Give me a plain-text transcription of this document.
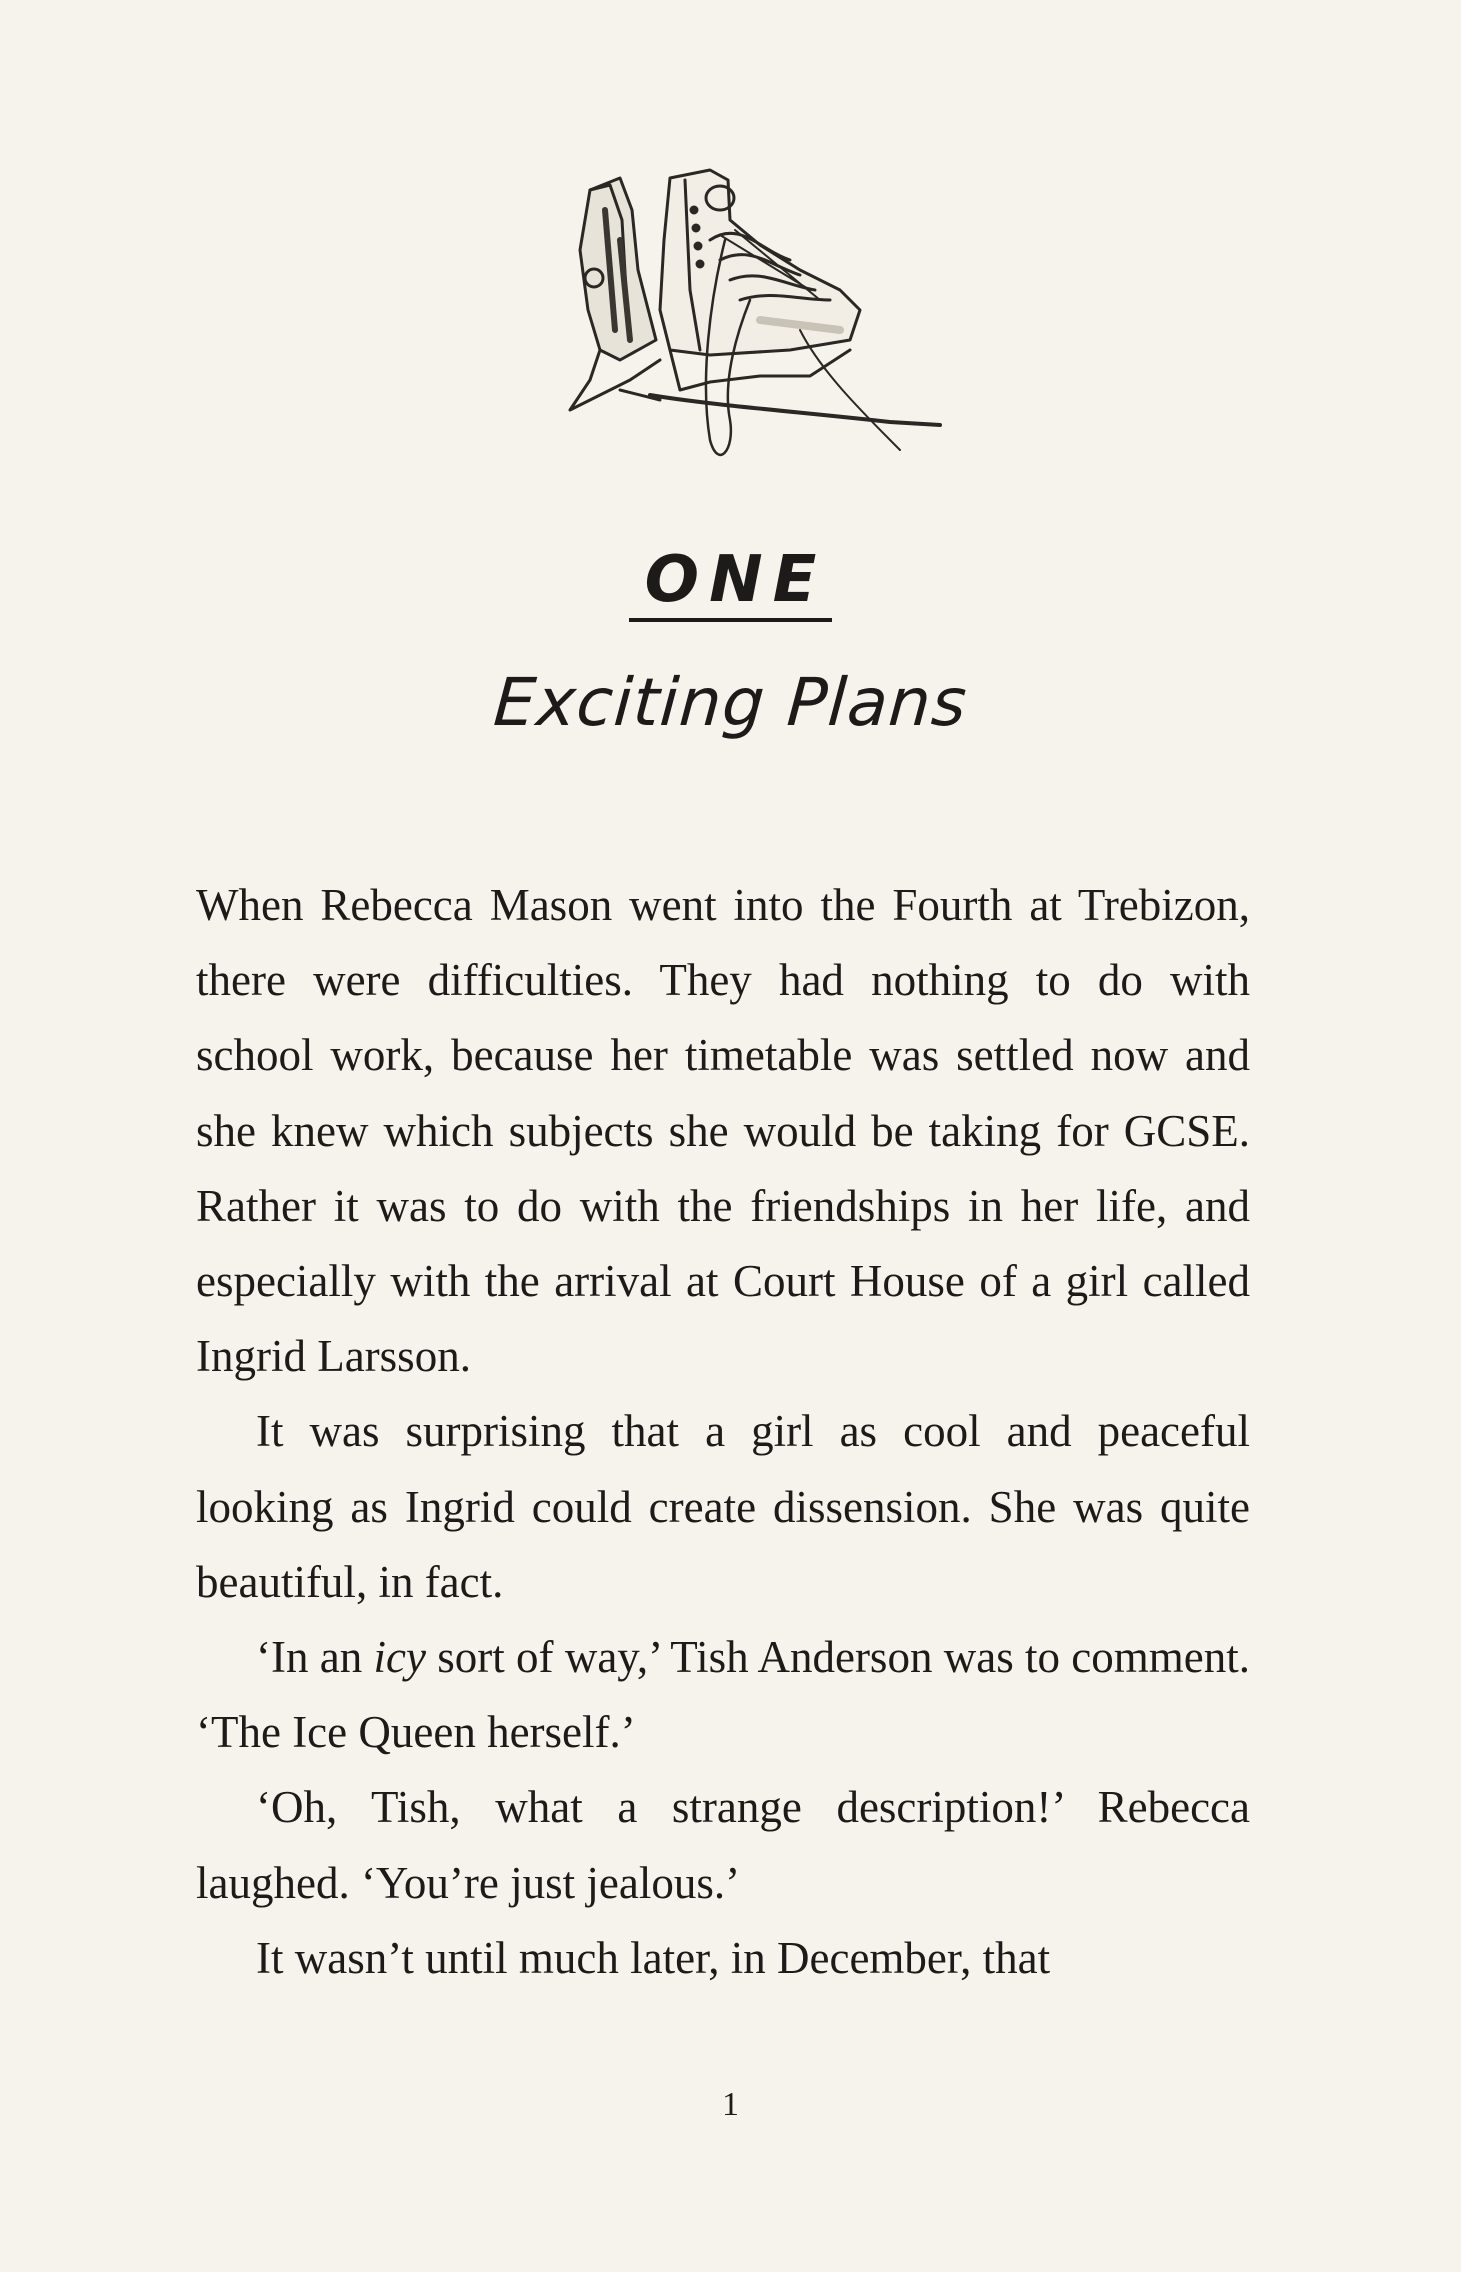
ONE
Exciting Plans

When Rebecca Mason went into the Fourth at Trebizon, there were difficulties. They had nothing to do with school work, because her timetable was settled now and she knew which subjects she would be taking for GCSE. Rather it was to do with the friendships in her life, and especially with the arrival at Court House of a girl called Ingrid Larsson.

It was surprising that a girl as cool and peaceful looking as Ingrid could create dissension. She was quite beautiful, in fact.

‘In an icy sort of way,’ Tish Anderson was to comment. ‘The Ice Queen herself.’

‘Oh, Tish, what a strange description!’ Rebecca laughed. ‘You’re just jealous.’

It wasn’t until much later, in December, that

1
